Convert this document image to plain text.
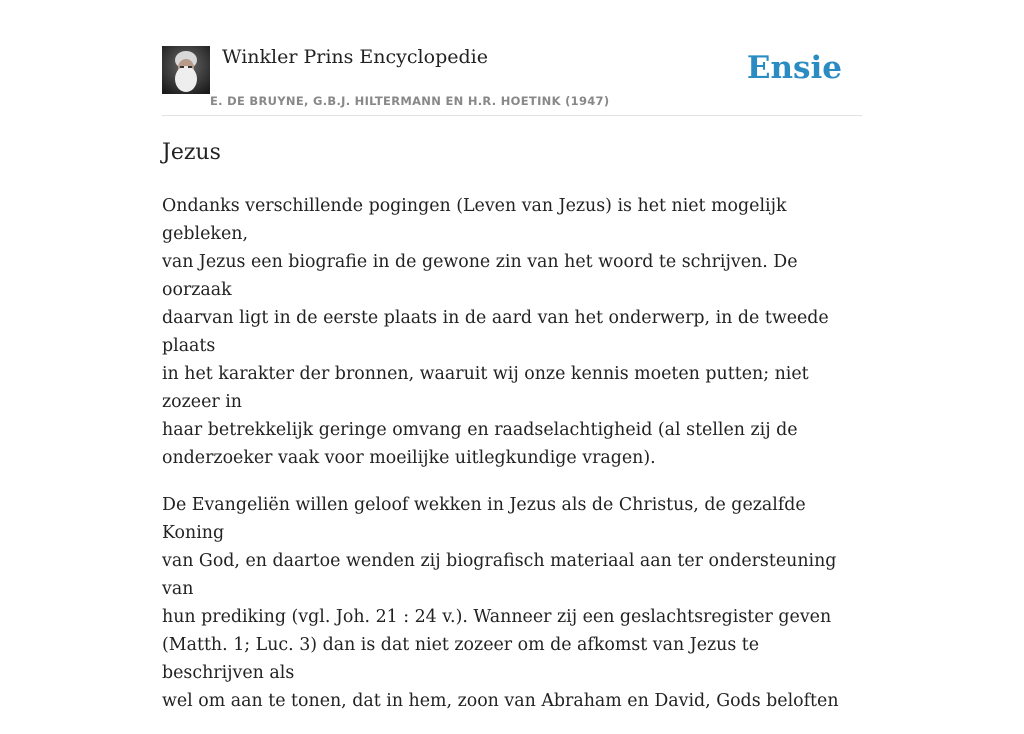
Winkler Prins Encyclopedie
E. DE BRUYNE, G.B.J. HILTERMANN EN H.R. HOETINK (1947)
Ensie
Jezus

Ondanks verschillende pogingen (Leven van Jezus) is het niet mogelijk gebleken,
van Jezus een biografie in de gewone zin van het woord te schrijven. De oorzaak
daarvan ligt in de eerste plaats in de aard van het onderwerp, in de tweede plaats
in het karakter der bronnen, waaruit wij onze kennis moeten putten; niet zozeer in
haar betrekkelijk geringe omvang en raadselachtigheid (al stellen zij de
onderzoeker vaak voor moeilijke uitlegkundige vragen).

De Evangeliën willen geloof wekken in Jezus als de Christus, de gezalfde Koning
van God, en daartoe wenden zij biografisch materiaal aan ter ondersteuning van
hun prediking (vgl. Joh. 21 : 24 v.). Wanneer zij een geslachtsregister geven
(Matth. 1; Luc. 3) dan is dat niet zozeer om de afkomst van Jezus te beschrijven als
wel om aan te tonen, dat in hem, zoon van Abraham en David, Gods beloften
